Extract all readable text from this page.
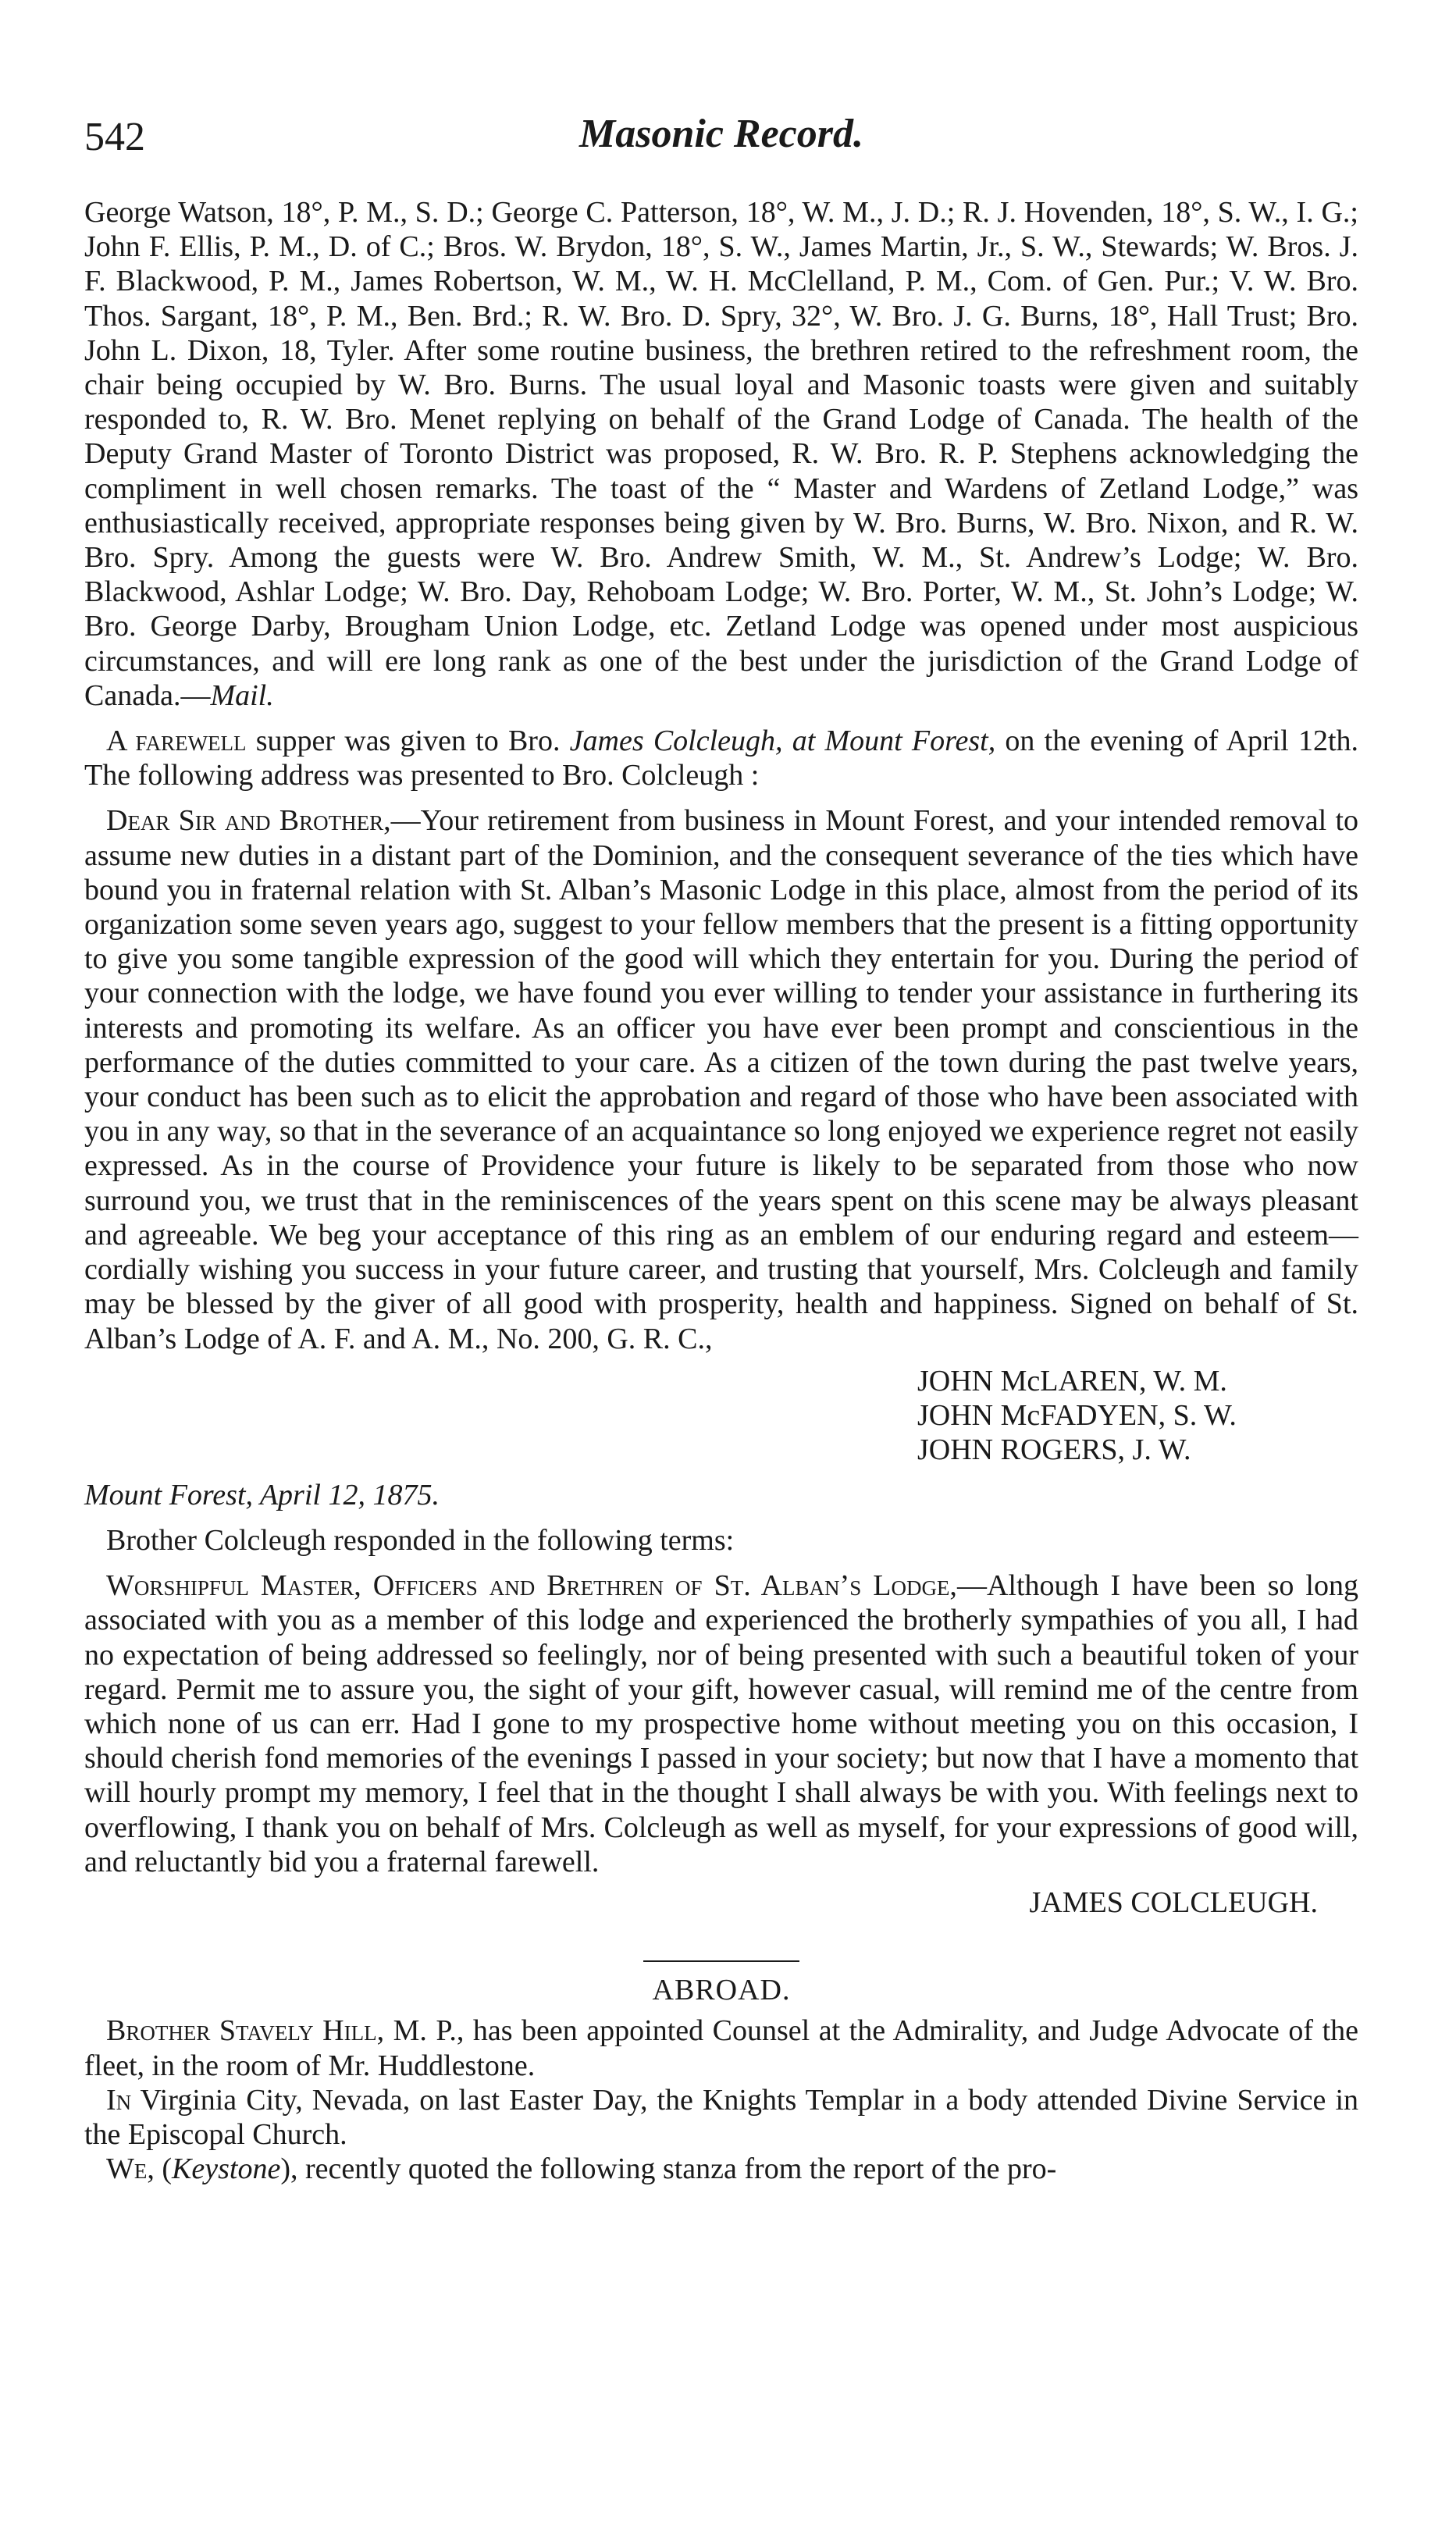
542	Masonic Record.

George Watson, 18°, P. M., S. D.; George C. Patterson, 18°, W. M., J. D.; R. J. Hovenden, 18°, S. W., I. G.; John F. Ellis, P. M., D. of C.; Bros. W. Brydon, 18°, S. W., James Martin, Jr., S. W., Stewards; W. Bros. J. F. Blackwood, P. M., James Robertson, W. M., W. H. McClelland, P. M., Com. of Gen. Pur.; V. W. Bro. Thos. Sargant, 18°, P. M., Ben. Brd.; R. W. Bro. D. Spry, 32°, W. Bro. J. G. Burns, 18°, Hall Trust; Bro. John L. Dixon, 18, Tyler. After some routine business, the brethren retired to the refreshment room, the chair being occupied by W. Bro. Burns. The usual loyal and Masonic toasts were given and suitably responded to, R. W. Bro. Menet replying on behalf of the Grand Lodge of Canada. The health of the Deputy Grand Master of Toronto District was proposed, R. W. Bro. R. P. Stephens acknowledging the compliment in well chosen remarks. The toast of the “ Master and Wardens of Zetland Lodge,” was enthusiastically received, appropriate responses being given by W. Bro. Burns, W. Bro. Nixon, and R. W. Bro. Spry. Among the guests were W. Bro. Andrew Smith, W. M., St. Andrew’s Lodge; W. Bro. Blackwood, Ashlar Lodge; W. Bro. Day, Rehoboam Lodge; W. Bro. Porter, W. M., St. John’s Lodge; W. Bro. George Darby, Brougham Union Lodge, etc. Zetland Lodge was opened under most auspicious circumstances, and will ere long rank as one of the best under the jurisdiction of the Grand Lodge of Canada.—Mail.

A farewell supper was given to Bro. James Colcleugh, at Mount Forest, on the evening of April 12th. The following address was presented to Bro. Colcleugh :

Dear Sir and Brother,—Your retirement from business in Mount Forest, and your intended removal to assume new duties in a distant part of the Dominion, and the consequent severance of the ties which have bound you in fraternal relation with St. Alban’s Masonic Lodge in this place, almost from the period of its organization some seven years ago, suggest to your fellow members that the present is a fitting opportunity to give you some tangible expression of the good will which they entertain for you. During the period of your connection with the lodge, we have found you ever willing to tender your assistance in furthering its interests and promoting its welfare. As an officer you have ever been prompt and conscientious in the performance of the duties committed to your care. As a citizen of the town during the past twelve years, your conduct has been such as to elicit the approbation and regard of those who have been associated with you in any way, so that in the severance of an acquaintance so long enjoyed we experience regret not easily expressed. As in the course of Providence your future is likely to be separated from those who now surround you, we trust that in the reminiscences of the years spent on this scene may be always pleasant and agreeable. We beg your acceptance of this ring as an emblem of our enduring regard and esteem—cordially wishing you success in your future career, and trusting that yourself, Mrs. Colcleugh and family may be blessed by the giver of all good with prosperity, health and happiness. Signed on behalf of St. Alban’s Lodge of A. F. and A. M., No. 200, G. R. C.,

JOHN McLAREN, W. M.
JOHN McFADYEN, S. W.
JOHN ROGERS, J. W.

Mount Forest, April 12, 1875.

Brother Colcleugh responded in the following terms:

Worshipful Master, Officers and Brethren of St. Alban’s Lodge,—Although I have been so long associated with you as a member of this lodge and experienced the brotherly sympathies of you all, I had no expectation of being addressed so feelingly, nor of being presented with such a beautiful token of your regard. Permit me to assure you, the sight of your gift, however casual, will remind me of the centre from which none of us can err. Had I gone to my prospective home without meeting you on this occasion, I should cherish fond memories of the evenings I passed in your society; but now that I have a momento that will hourly prompt my memory, I feel that in the thought I shall always be with you. With feelings next to overflowing, I thank you on behalf of Mrs. Colcleugh as well as myself, for your expressions of good will, and reluctantly bid you a fraternal farewell.

JAMES COLCLEUGH.
ABROAD.

Brother Stavely Hill, M. P., has been appointed Counsel at the Admirality, and Judge Advocate of the fleet, in the room of Mr. Huddlestone.

In Virginia City, Nevada, on last Easter Day, the Knights Templar in a body attended Divine Service in the Episcopal Church.

We, (Keystone), recently quoted the following stanza from the report of the pro-
